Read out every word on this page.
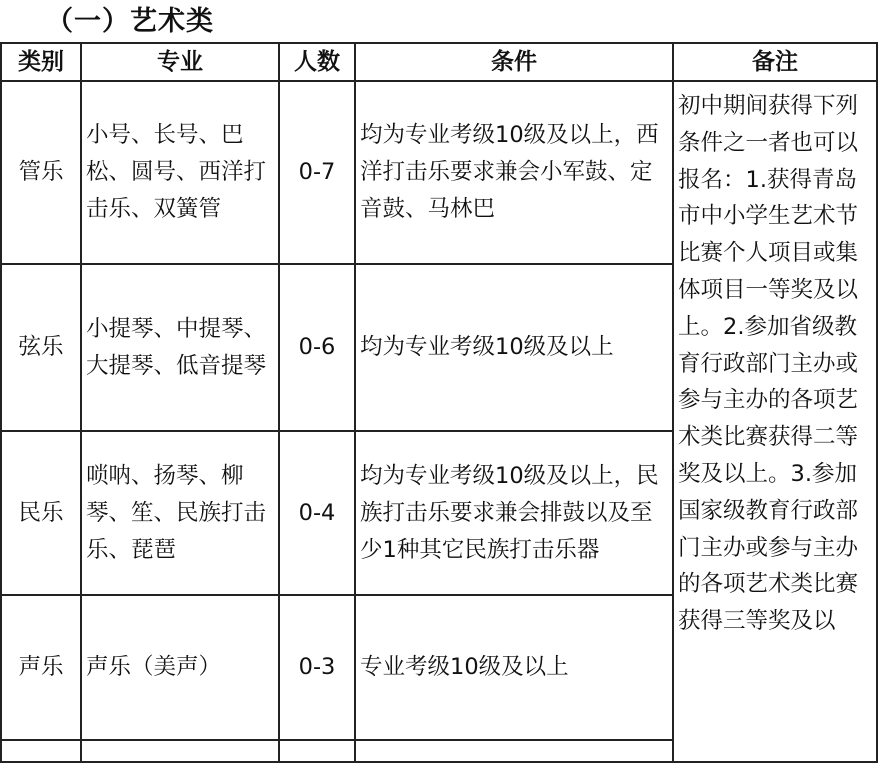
（一）艺术类
类别	专业	人数	条件	备注
管乐	小号、长号、巴松、圆号、西洋打击乐、双簧管	0-7	均为专业考级10级及以上，西洋打击乐要求兼会小军鼓、定音鼓、马林巴	初中期间获得下列条件之一者也可以报名：1.获得青岛市中小学生艺术节比赛个人项目或集体项目一等奖及以上。2.参加省级教育行政部门主办或参与主办的各项艺术类比赛获得二等奖及以上。3.参加国家级教育行政部门主办或参与主办的各项艺术类比赛获得三等奖及以

弦乐	小提琴、中提琴、大提琴、低音提琴	0-6	均为专业考级10级及以上	
民乐	唢呐、扬琴、柳琴、笙、民族打击乐、琵琶	0-4	均为专业考级10级及以上，民族打击乐要求兼会排鼓以及至少1种其它民族打击乐器	
声乐	声乐（美声）	0-3	专业考级10级及以上	
